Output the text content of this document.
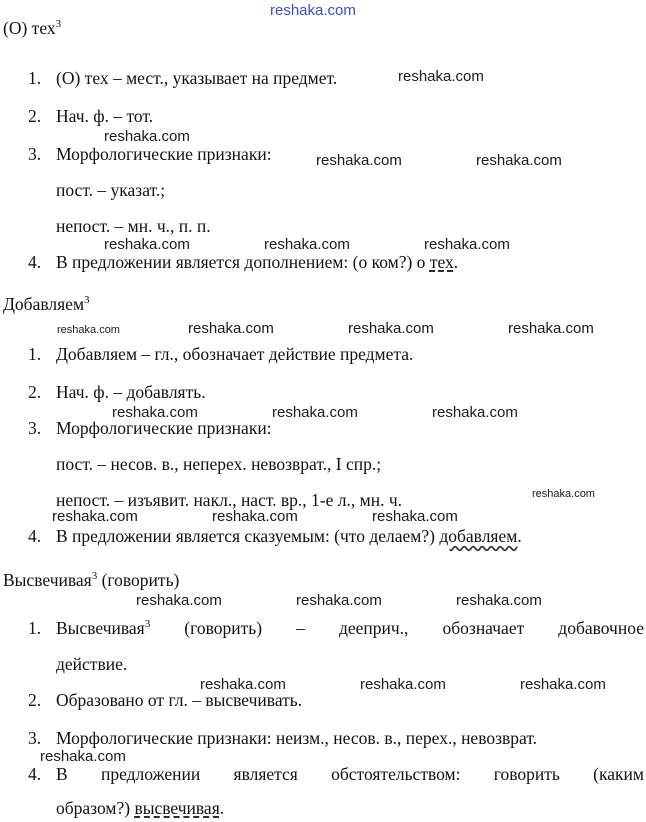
reshaka.com
reshaka.com
reshaka.com
reshaka.com	reshaka.com
reshaka.com	reshaka.com	reshaka.com
reshaka.com	reshaka.com	reshaka.com	reshaka.com
reshaka.com	reshaka.com	reshaka.com
reshaka.com
reshaka.com	reshaka.com	reshaka.com
reshaka.com	reshaka.com	reshaka.com
reshaka.com	reshaka.com	reshaka.com
reshaka.com
(О) тех$^3$
1. (О) тех – мест., указывает на предмет.
2. Нач. ф. – тот.
3. Морфологические признаки:
пост. – указат.;
непост. – мн. ч., п. п.
4. В предложении является дополнением: (о ком?) о тех.
Добавляем$^3$
1. Добавляем – гл., обозначает действие предмета.
2. Нач. ф. – добавлять.
3. Морфологические признаки:
пост. – несов. в., неперех. невозврат., I спр.;
непост. – изъявит. накл., наст. вр., 1-е л., мн. ч.
4. В предложении является сказуемым: (что делаем?) добавляем.
Высвечивая$^3$ (говорить)
1. Высвечивая$^3$ (говорить) – дееприч., обозначает добавочное
действие.
2. Образовано от гл. – высвечивать.
3. Морфологические признаки: неизм., несов. в., перех., невозврат.
4. В предложении является обстоятельством: говорить (каким
образом?) высвечивая.
